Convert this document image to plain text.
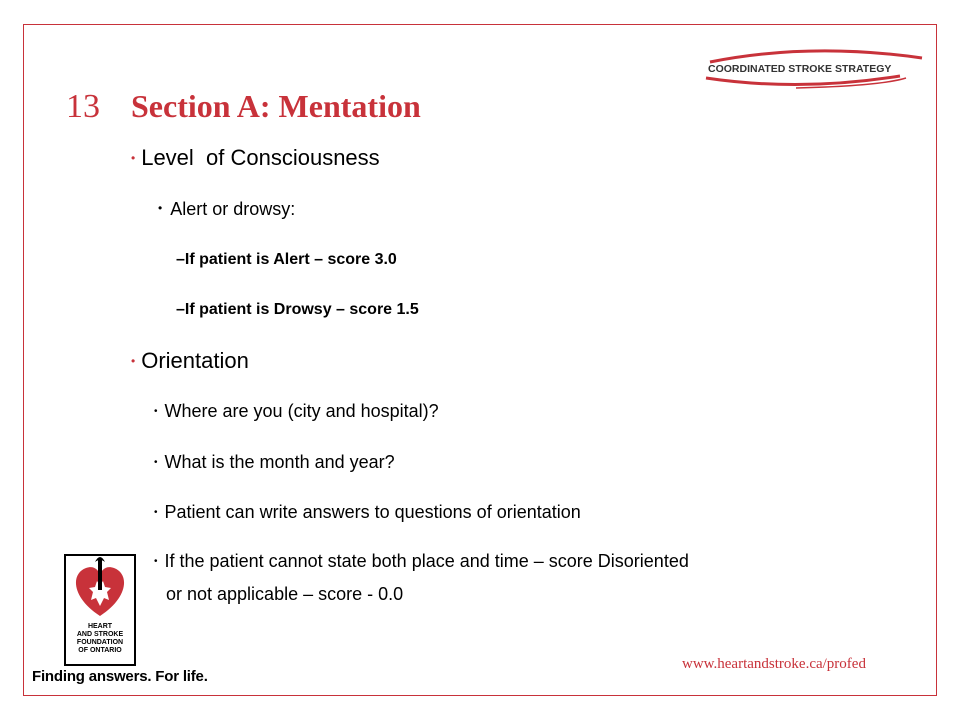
COORDINATED STROKE STRATEGY
13 Section A: Mentation
• Level  of Consciousness
• Alert or drowsy:
–If patient is Alert – score 3.0
–If patient is Drowsy – score 1.5
• Orientation
• Where are you (city and hospital)?
• What is the month and year?
• Patient can write answers to questions of orientation
• If the patient cannot state both place and time – score Disoriented
or not applicable – score - 0.0
HEART
AND STROKE
FOUNDATION
OF ONTARIO
Finding answers. For life.
www.heartandstroke.ca/profed
